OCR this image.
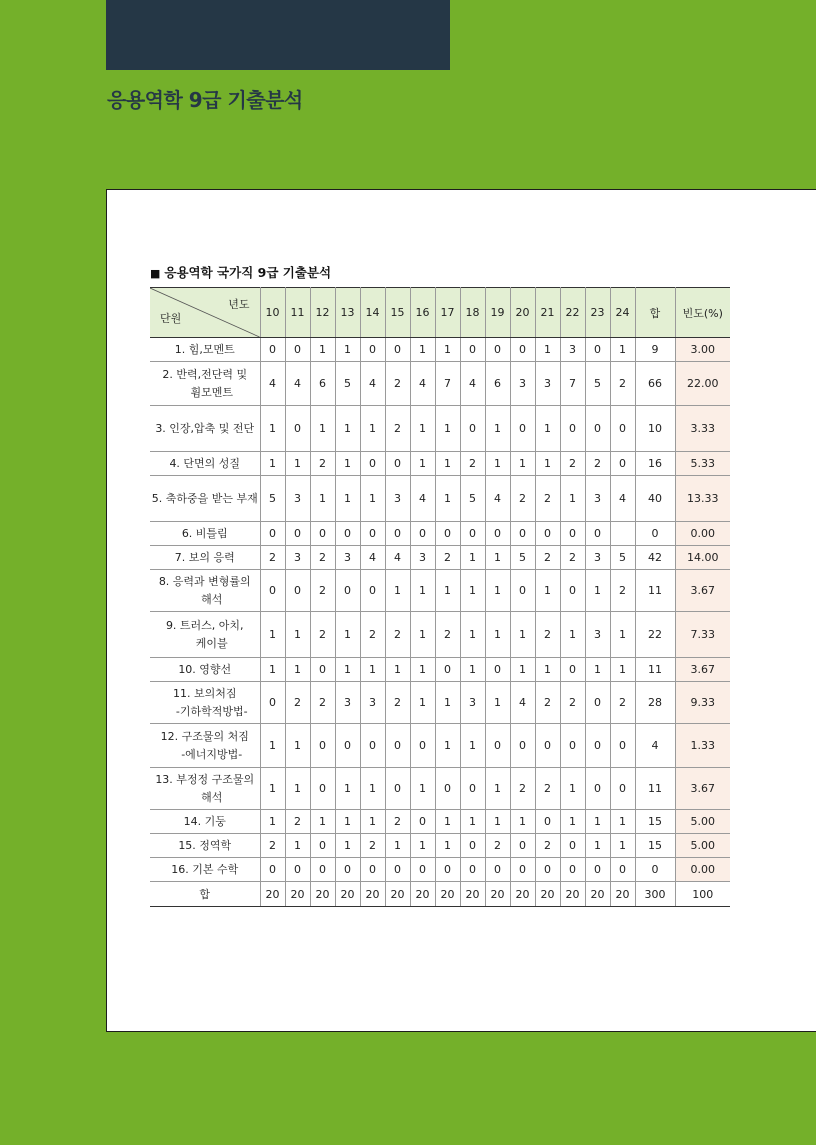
응용역학 9급 기출분석
■ 응용역학 국가직 9급 기출분석
년도
단원	10	11	12	13	14	15	16	17	18	19	20	21	22	23	24	합	빈도(%)
1. 힘,모멘트	0	0	1	1	0	0	1	1	0	0	0	1	3	0	1	9	3.00
2. 반력,전단력 및
휨모멘트	4	4	6	5	4	2	4	7	4	6	3	3	7	5	2	66	22.00
3. 인장,압축 및 전단	1	0	1	1	1	2	1	1	0	1	0	1	0	0	0	10	3.33
4. 단면의 성질	1	1	2	1	0	0	1	1	2	1	1	1	2	2	0	16	5.33
5. 축하중을 받는 부재	5	3	1	1	1	3	4	1	5	4	2	2	1	3	4	40	13.33
6. 비틀림	0	0	0	0	0	0	0	0	0	0	0	0	0	0		0	0.00
7. 보의 응력	2	3	2	3	4	4	3	2	1	1	5	2	2	3	5	42	14.00
8. 응력과 변형률의
해석	0	0	2	0	0	1	1	1	1	1	0	1	0	1	2	11	3.67
9. 트러스, 아치,
케이블	1	1	2	1	2	2	1	2	1	1	1	2	1	3	1	22	7.33
10. 영향선	1	1	0	1	1	1	1	0	1	0	1	1	0	1	1	11	3.67
11. 보의처짐
-기하학적방법-	0	2	2	3	3	2	1	1	3	1	4	2	2	0	2	28	9.33
12. 구조물의 처짐
-에너지방법-	1	1	0	0	0	0	0	1	1	0	0	0	0	0	0	4	1.33
13. 부정정 구조물의
해석	1	1	0	1	1	0	1	0	0	1	2	2	1	0	0	11	3.67
14. 기둥	1	2	1	1	1	2	0	1	1	1	1	0	1	1	1	15	5.00
15. 정역학	2	1	0	1	2	1	1	1	0	2	0	2	0	1	1	15	5.00
16. 기본 수학	0	0	0	0	0	0	0	0	0	0	0	0	0	0	0	0	0.00
합	20	20	20	20	20	20	20	20	20	20	20	20	20	20	20	300	100
